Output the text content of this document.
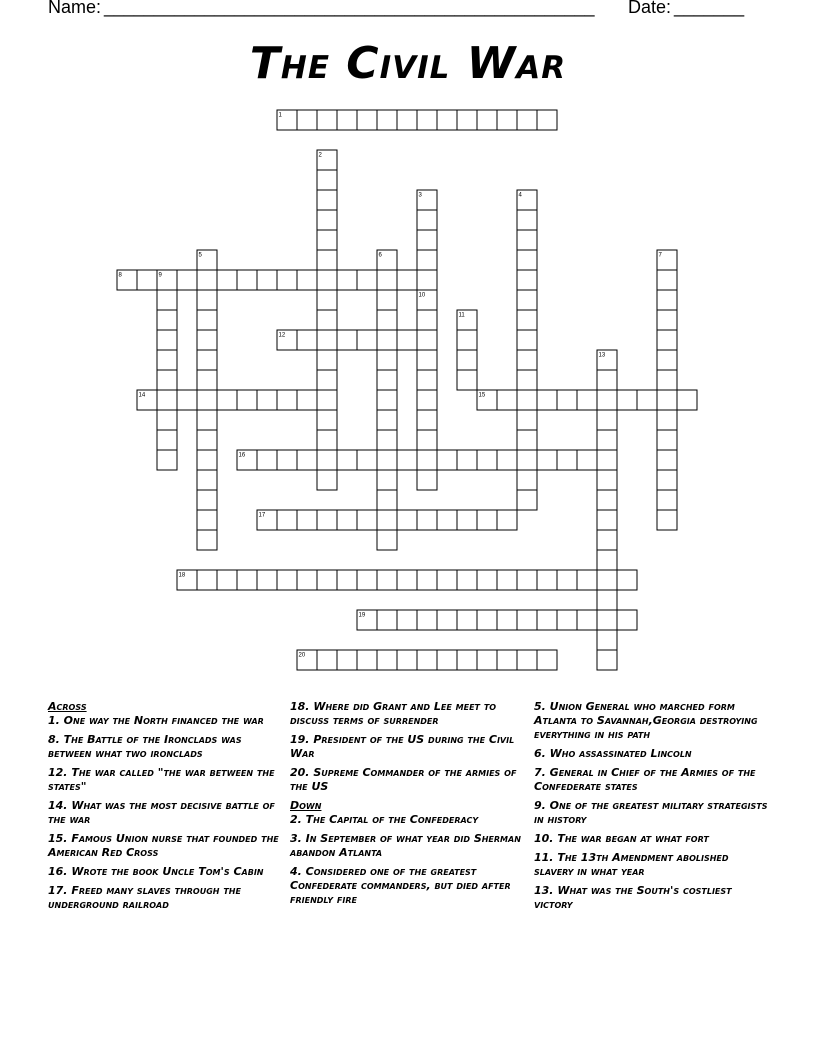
Name: _________________________________________________ Date: _______
The Civil War
1
2
3	4
5	6	7
8	9
10
11
12
13
14	15
16
17
18
19
20
Across
1. One way the North financed the war
8. The Battle of the Ironclads was between what two ironclads
12. The war called "the war between the states"
14. What was the most decisive battle of the war
15. Famous Union nurse that founded the American Red Cross
16. Wrote the book Uncle Tom's Cabin
17. Freed many slaves through the underground railroad
18. Where did Grant and Lee meet to discuss terms of surrender
19. President of the US during the Civil War
20. Supreme Commander of the armies of the US
Down
2. The Capital of the Confederacy
3. In September of what year did Sherman abandon Atlanta
4. Considered one of the greatest Confederate commanders, but died after friendly fire
5. Union General who marched form Atlanta to Savannah,Georgia destroying everything in his path
6. Who assassinated Lincoln
7. General in Chief of the Armies of the Confederate states
9. One of the greatest military strategists in history
10. The war began at what fort
11. The 13th Amendment abolished slavery in what year
13. What was the South's costliest victory
